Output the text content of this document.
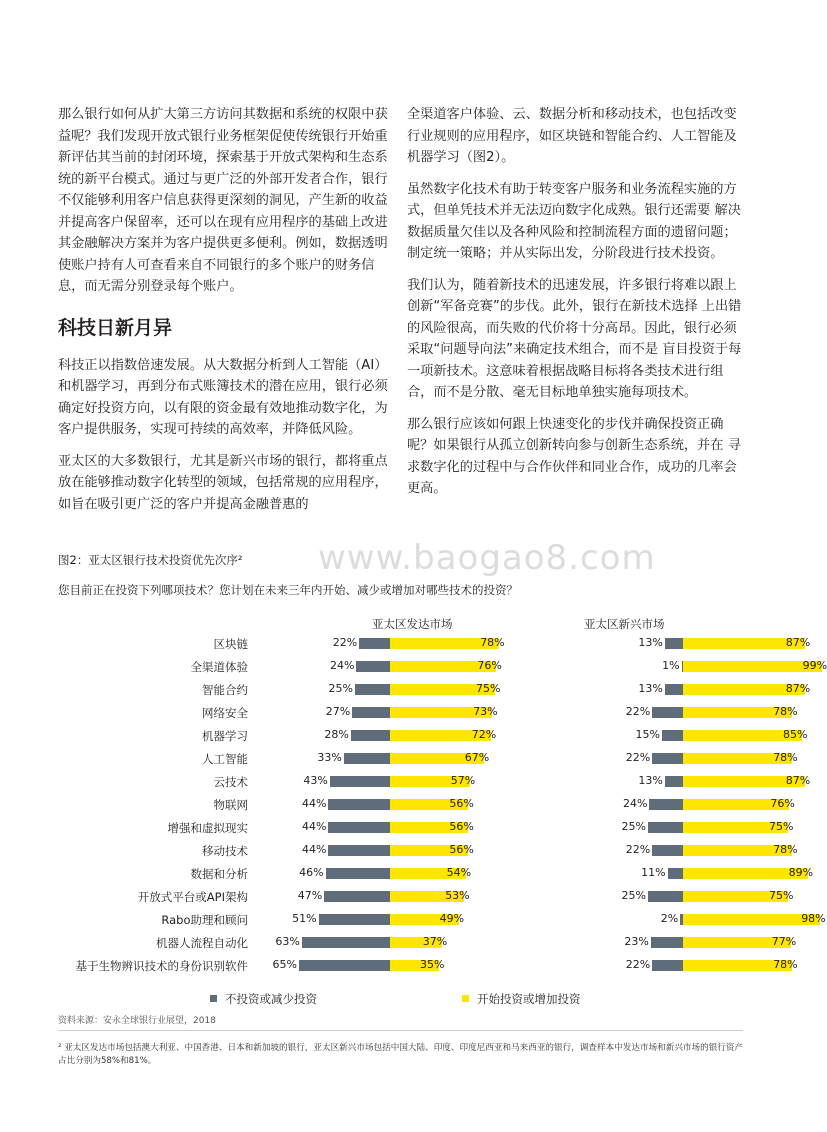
那么银行如何从扩大第三方访问其数据和系统的权限中获益呢？我们发现开放式银行业务框架促使传统银行开始重新评估其当前的封闭环境，探索基于开放式架构和生态系统的新平台模式。通过与更广泛的外部开发者合作，银行不仅能够利用客户信息获得更深刻的洞见，产生新的收益并提高客户保留率，还可以在现有应用程序的基础上改进其金融解决方案并为客户提供更多便利。例如，数据透明使账户持有人可查看来自不同银行的多个账户的财务信息，而无需分别登录每个账户。

科技日新月异

科技正以指数倍速发展。从大数据分析到人工智能（AI）和机器学习，再到分布式账簿技术的潜在应用，银行必须确定好投资方向，以有限的资金最有效地推动数字化，为客户提供服务，实现可持续的高效率，并降低风险。

亚太区的大多数银行，尤其是新兴市场的银行，都将重点放在能够推动数字化转型的领域，包括常规的应用程序，如旨在吸引更广泛的客户并提高金融普惠的

全渠道客户体验、云、数据分析和移动技术，也包括改变行业规则的应用程序，如区块链和智能合约、人工智能及机器学习（图2）。

虽然数字化技术有助于转变客户服务和业务流程实施的方式，但单凭技术并无法迈向数字化成熟。银行还需要 解决数据质量欠佳以及各种风险和控制流程方面的遗留问题；制定统一策略；并从实际出发，分阶段进行技术投资。

我们认为，随着新技术的迅速发展，许多银行将难以跟上创新“军备竞赛”的步伐。此外，银行在新技术选择 上出错的风险很高，而失败的代价将十分高昂。因此，银行必须采取“问题导向法”来确定技术组合，而不是 盲目投资于每一项新技术。这意味着根据战略目标将各类技术进行组合，而不是分散、毫无目标地单独实施每项技术。

那么银行应该如何跟上快速变化的步伐并确保投资正确呢？如果银行从孤立创新转向参与创新生态系统，并在 寻求数字化的过程中与合作伙伴和同业合作，成功的几率会更高。

www.baogao8.com
图2：亚太区银行技术投资优先次序²
您目前正在投资下列哪项技术？您计划在未来三年内开始、减少或增加对哪些技术的投资？
亚太区发达市场	亚太区新兴市场
区块链	22%	78%	13%	87%
全渠道体验	24%	76%	1%	99%
智能合约	25%	75%	13%	87%
网络安全	27%	73%	22%	78%
机器学习	28%	72%	15%	85%
人工智能	33%	67%	22%	78%
云技术	43%	57%	13%	87%
物联网	44%	56%	24%	76%
增强和虚拟现实	44%	56%	25%	75%
移动技术	44%	56%	22%	78%
数据和分析	46%	54%	11%	89%
开放式平台或API架构	47%	53%	25%	75%
Rabo助理和顾问	51%	49%	2%	98%
机器人流程自动化 63%	37%	23%	77%
基于生物辨识技术的身份识别软件 65%	35%	22%	78%
不投资或减少投资	开始投资或增加投资
资料来源：安永全球银行业展望，2018
² 亚太区发达市场包括澳大利亚、中国香港、日本和新加坡的银行，亚太区新兴市场包括中国大陆、印度、印度尼西亚和马来西亚的银行，调查样本中发达市场和新兴市场的银行资产占比分别为58%和81%。
